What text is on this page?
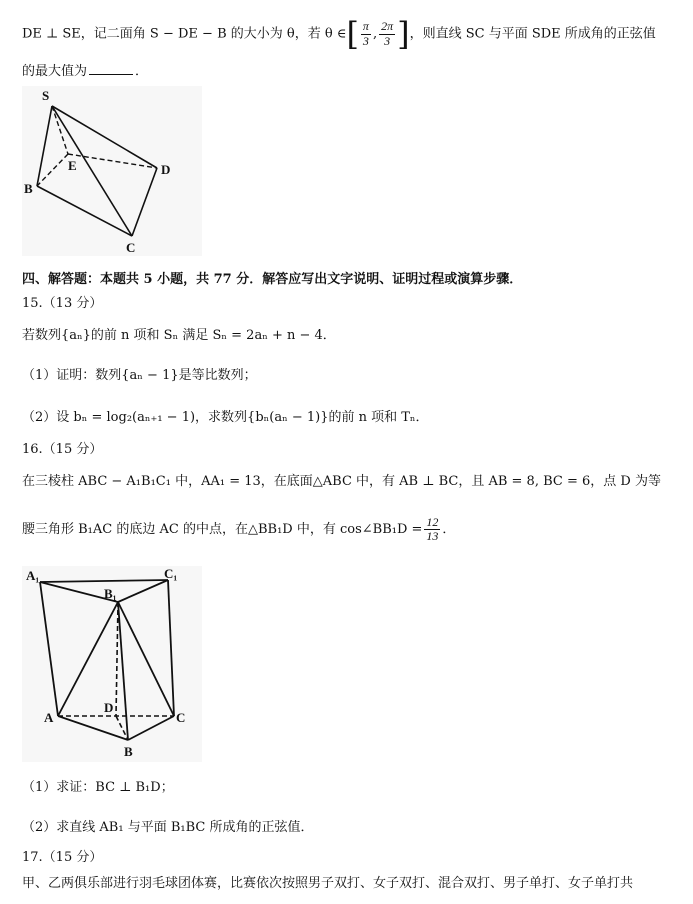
DE ⊥ SE，记二面角 S − DE − B 的大小为 θ，若 θ ∈[ $\frac{\pi}{3}$ , $\frac{2\pi}{3}$ ]，则直线 SC 与平面 SDE 所成角的正弦值
的最大值为	．
S
E	D
B
C
四、解答题：本题共 5 小题，共 77 分．解答应写出文字说明、证明过程或演算步骤．
15.（13 分）
若数列{aₙ}的前 n 项和 Sₙ 满足 Sₙ = 2aₙ + n − 4．
（1）证明：数列{aₙ − 1}是等比数列；
（2）设 bₙ = log₂(aₙ₊₁ − 1)，求数列{bₙ(aₙ − 1)}的前 n 项和 Tₙ．
16.（15 分）
在三棱柱 ABC − A₁B₁C₁ 中，AA₁ = 13，在底面△ABC 中，有 AB ⊥ BC，且 AB = 8, BC = 6，点 D 为等
腰三角形 B₁AC 的底边 AC 的中点，在△BB₁D 中，有 cos∠BB₁D = $\frac{12}{13}$ ．
A₁	C₁
B₁
A	C
D
B
（1）求证：BC ⊥ B₁D；
（2）求直线 AB₁ 与平面 B₁BC 所成角的正弦值．
17.（15 分）
甲、乙两俱乐部进行羽毛球团体赛，比赛依次按照男子双打、女子双打、混合双打、男子单打、女子单打共
